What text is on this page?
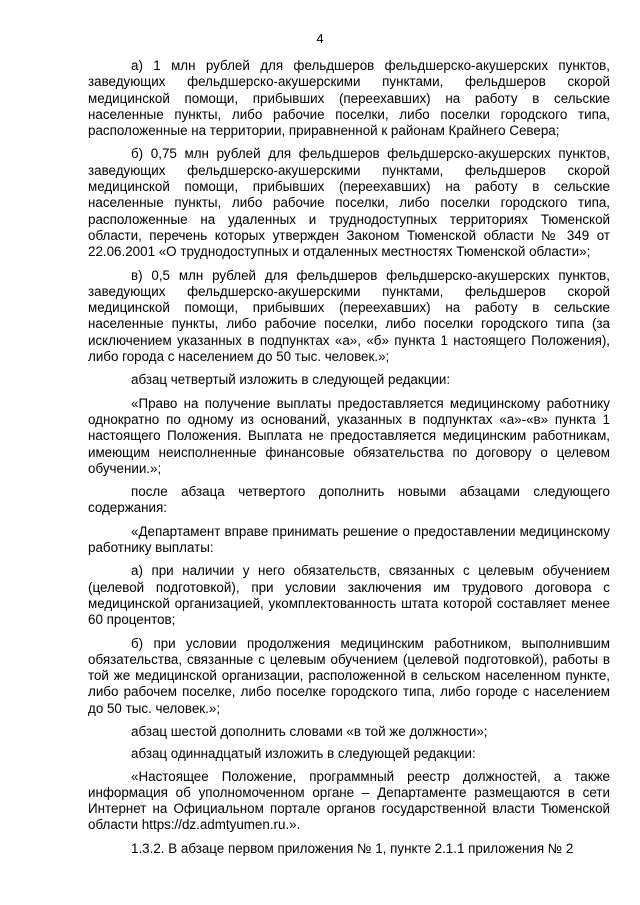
4

а) 1 млн рублей для фельдшеров фельдшерско-акушерских пунктов, заведующих фельдшерско-акушерскими пунктами, фельдшеров скорой медицинской помощи, прибывших (переехавших) на работу в сельские населенные пункты, либо рабочие поселки, либо поселки городского типа, расположенные на территории, приравненной к районам Крайнего Севера;

б) 0,75 млн рублей для фельдшеров фельдшерско-акушерских пунктов, заведующих фельдшерско-акушерскими пунктами, фельдшеров скорой медицинской помощи, прибывших (переехавших) на работу в сельские населенные пункты, либо рабочие поселки, либо поселки городского типа, расположенные на удаленных и труднодоступных территориях Тюменской области, перечень которых утвержден Законом Тюменской области № 349 от 22.06.2001 «О труднодоступных и отдаленных местностях Тюменской области»;

в) 0,5 млн рублей для фельдшеров фельдшерско-акушерских пунктов, заведующих фельдшерско-акушерскими пунктами, фельдшеров скорой медицинской помощи, прибывших (переехавших) на работу в сельские населенные пункты, либо рабочие поселки, либо поселки городского типа (за исключением указанных в подпунктах «а», «б» пункта 1 настоящего Положения), либо города с населением до 50 тыс. человек.»;

абзац четвертый изложить в следующей редакции:

«Право на получение выплаты предоставляется медицинскому работнику однократно по одному из оснований, указанных в подпунктах «а»-«в» пункта 1 настоящего Положения. Выплата не предоставляется медицинским работникам, имеющим неисполненные финансовые обязательства по договору о целевом обучении.»;

после абзаца четвертого дополнить новыми абзацами следующего содержания:

«Департамент вправе принимать решение о предоставлении медицинскому работнику выплаты:

а) при наличии у него обязательств, связанных с целевым обучением (целевой подготовкой), при условии заключения им трудового договора с медицинской организацией, укомплектованность штата которой составляет менее 60 процентов;

б) при условии продолжения медицинским работником, выполнившим обязательства, связанные с целевым обучением (целевой подготовкой), работы в той же медицинской организации, расположенной в сельском населенном пункте, либо рабочем поселке, либо поселке городского типа, либо городе с населением до 50 тыс. человек.»;

абзац шестой дополнить словами «в той же должности»;

абзац одиннадцатый изложить в следующей редакции:

«Настоящее Положение, программный реестр должностей, а также информация об уполномоченном органе – Департаменте размещаются в сети Интернет на Официальном портале органов государственной власти Тюменской области https://dz.admtyumen.ru.».

1.3.2. В абзаце первом приложения № 1, пункте 2.1.1 приложения № 2
